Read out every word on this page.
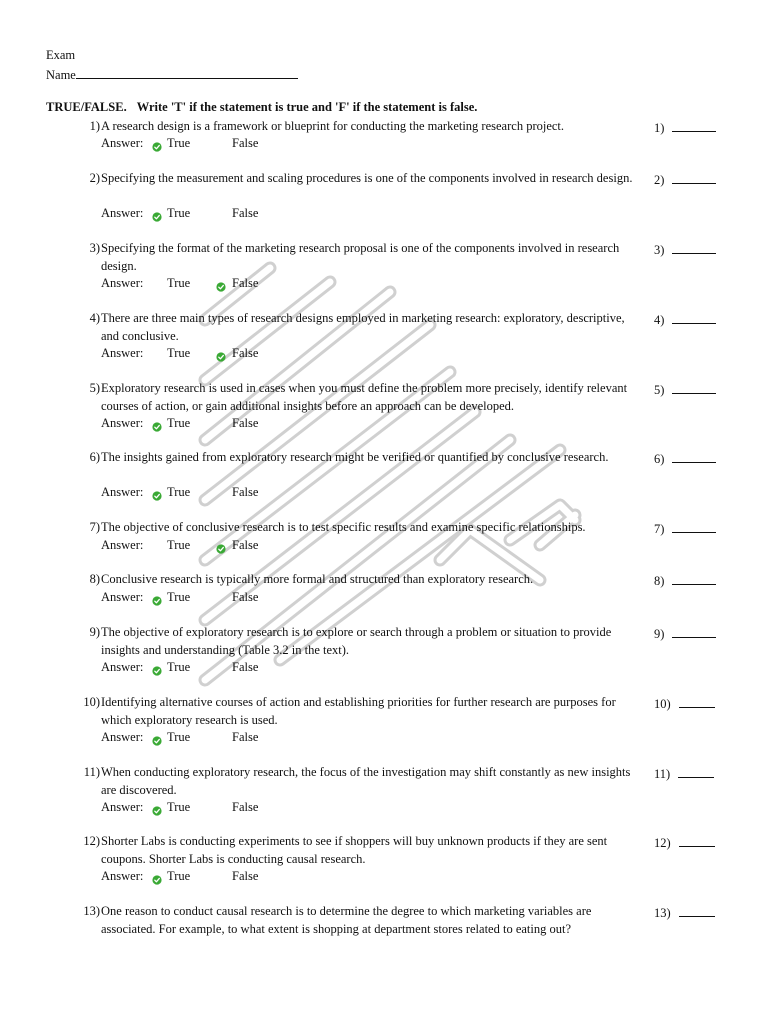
Exam
Name
TRUE/FALSE. Write 'T' if the statement is true and 'F' if the statement is false.
1) A research design is a framework or blueprint for conducting the marketing research project.	1)
Answer: True	False
2) Specifying the measurement and scaling procedures is one of the components involved in research design.	2)
Answer: True	False
3) Specifying the format of the marketing research proposal is one of the components involved in research design.
3)
Answer: True	False
4) There are three main types of research designs employed in marketing research: exploratory, descriptive, and conclusive.
4)
Answer: True	False
5) Exploratory research is used in cases when you must define the problem more precisely, identify relevant courses of action, or gain additional insights before an approach can be developed.
5)
Answer: True	False
6) The insights gained from exploratory research might be verified or quantified by conclusive research.	6)
Answer: True	False
7) The objective of conclusive research is to test specific results and examine specific relationships.	7)
Answer: True	False
8) Conclusive research is typically more formal and structured than exploratory research.	8)
Answer: True	False
9) The objective of exploratory research is to explore or search through a problem or situation to provide insights and understanding (Table 3.2 in the text).
9)
Answer: True	False
10) Identifying alternative courses of action and establishing priorities for further research are purposes for which exploratory research is used.
10)
Answer: True	False
11) When conducting exploratory research, the focus of the investigation may shift constantly as new insights are discovered.
11)
Answer: True	False
12) Shorter Labs is conducting experiments to see if shoppers will buy unknown products if they are sent coupons. Shorter Labs is conducting causal research.
12)
Answer: True	False
13) One reason to conduct causal research is to determine the degree to which marketing variables are associated. For example, to what extent is shopping at department stores related to eating out?
13)
